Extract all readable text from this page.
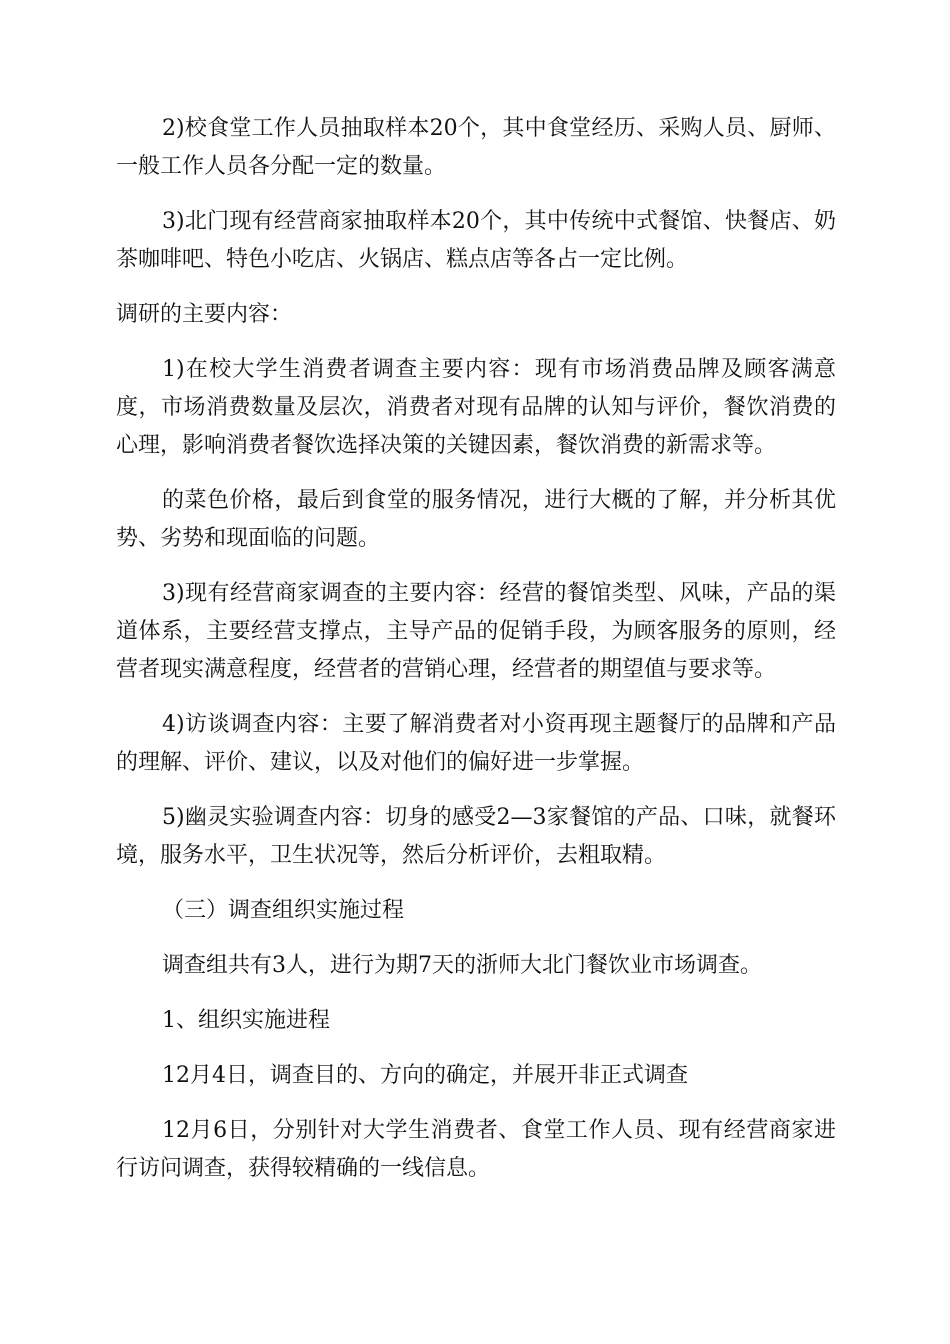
2)校食堂工作人员抽取样本20个，其中食堂经历、采购人员、厨师、一般工作人员各分配一定的数量。

3)北门现有经营商家抽取样本20个，其中传统中式餐馆、快餐店、奶茶咖啡吧、特色小吃店、火锅店、糕点店等各占一定比例。

调研的主要内容：

1)在校大学生消费者调查主要内容：现有市场消费品牌及顾客满意度，市场消费数量及层次，消费者对现有品牌的认知与评价，餐饮消费的心理，影响消费者餐饮选择决策的关键因素，餐饮消费的新需求等。

的菜色价格，最后到食堂的服务情况，进行大概的了解，并分析其优势、劣势和现面临的问题。

3)现有经营商家调查的主要内容：经营的餐馆类型、风味，产品的渠道体系，主要经营支撑点，主导产品的促销手段，为顾客服务的原则，经营者现实满意程度，经营者的营销心理，经营者的期望值与要求等。

4)访谈调查内容：主要了解消费者对小资再现主题餐厅的品牌和产品的理解、评价、建议，以及对他们的偏好进一步掌握。

5)幽灵实验调查内容：切身的感受2—3家餐馆的产品、口味，就餐环境，服务水平，卫生状况等，然后分析评价，去粗取精。

（三）调查组织实施过程

调查组共有3人，进行为期7天的浙师大北门餐饮业市场调查。

1、组织实施进程

12月4日，调查目的、方向的确定，并展开非正式调查

12月6日，分别针对大学生消费者、食堂工作人员、现有经营商家进行访问调查，获得较精确的一线信息。
